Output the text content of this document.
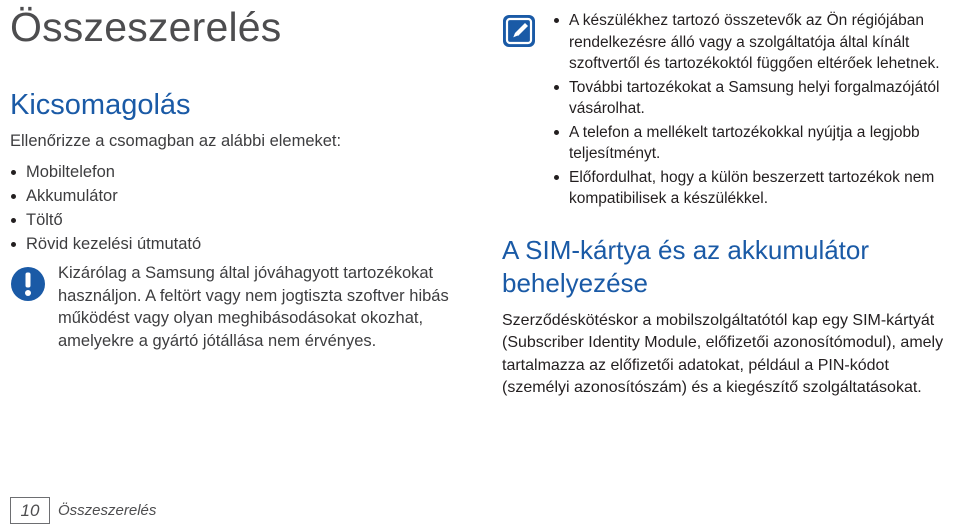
Összeszerelés
Kicsomagolás
Ellenőrizze a csomagban az alábbi elemeket:
Mobiltelefon
Akkumulátor
Töltő
Rövid kezelési útmutató
Kizárólag a Samsung által jóváhagyott tartozékokat használjon. A feltört vagy nem jogtiszta szoftver hibás működést vagy olyan meghibásodásokat okozhat, amelyekre a gyártó jótállása nem érvényes.
A készülékhez tartozó összetevők az Ön régiójában rendelkezésre álló vagy a szolgáltatója által kínált szoftvertől és tartozékoktól függően eltérőek lehetnek.
További tartozékokat a Samsung helyi forgalmazójától vásárolhat.
A telefon a mellékelt tartozékokkal nyújtja a legjobb teljesítményt.
Előfordulhat, hogy a külön beszerzett tartozékok nem kompatibilisek a készülékkel.
A SIM-kártya és az akkumulátor behelyezése
Szerződéskötéskor a mobilszolgáltatótól kap egy SIM-kártyát (Subscriber Identity Module, előfizetői azonosítómodul), amely tartalmazza az előfizetői adatokat, például a PIN-kódot (személyi azonosítószám) és a kiegészítő szolgáltatásokat.
10	Összeszerelés
